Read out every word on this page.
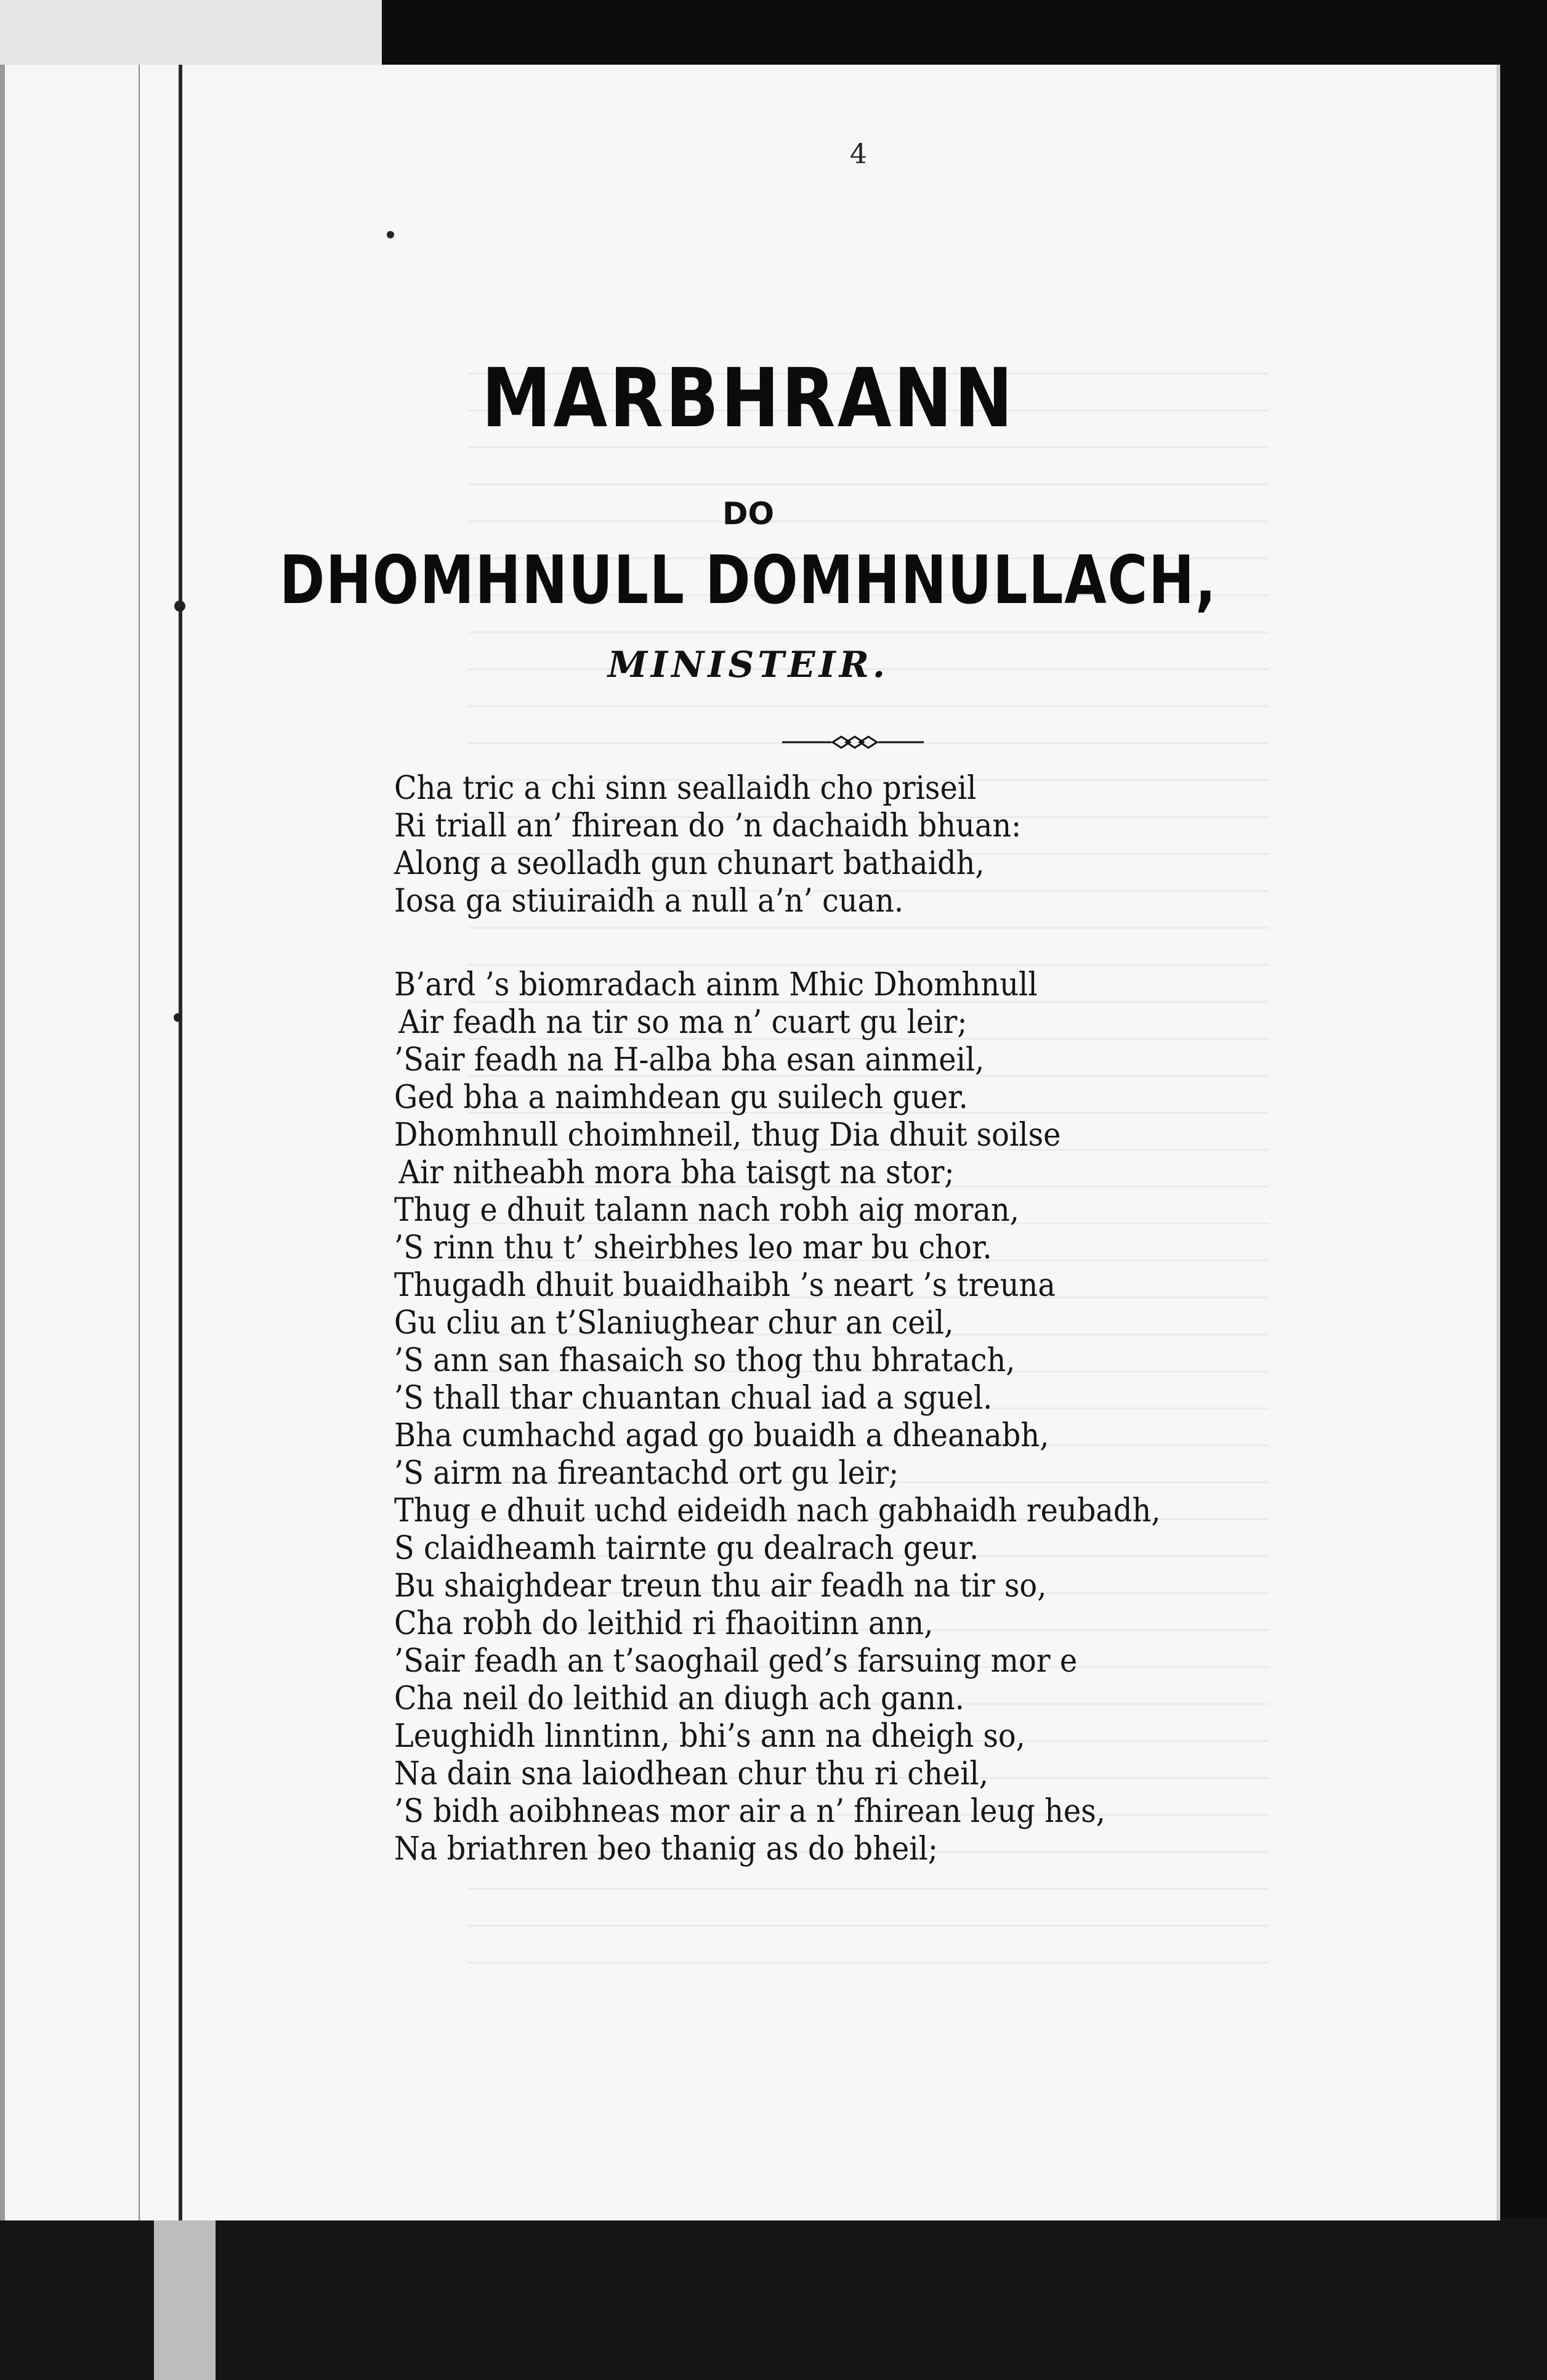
4
MARBHRANN
DO
DHOMHNULL DOMHNULLACH,
MINISTEIR.
Cha tric a chi sinn seallaidh cho priseil
Ri triall an’ fhirean do ’n dachaidh bhuan:
Along a seolladh gun chunart bathaidh,
Iosa ga stiuiraidh a null a’n’ cuan.
B’ard ’s biomradach ainm Mhic Dhomhnull
Air feadh na tir so ma n’ cuart gu leir;
’Sair feadh na H-alba bha esan ainmeil,
Ged bha a naimhdean gu suilech guer.
Dhomhnull choimhneil, thug Dia dhuit soilse
Air nitheabh mora bha taisgt na stor;
Thug e dhuit talann nach robh aig moran,
’S rinn thu t’ sheirbhes leo mar bu chor.
Thugadh dhuit buaidhaibh ’s neart ’s treuna
Gu cliu an t’Slaniughear chur an ceil,
’S ann san fhasaich so thog thu bhratach,
’S thall thar chuantan chual iad a sguel.
Bha cumhachd agad go buaidh a dheanabh,
’S airm na fireantachd ort gu leir;
Thug e dhuit uchd eideidh nach gabhaidh reubadh,
S claidheamh tairnte gu dealrach geur.
Bu shaighdear treun thu air feadh na tir so,
Cha robh do leithid ri fhaoitinn ann,
’Sair feadh an t’saoghail ged’s farsuing mor e
Cha neil do leithid an diugh ach gann.
Leughidh linntinn, bhi’s ann na dheigh so,
Na dain sna laiodhean chur thu ri cheil,
’S bidh aoibhneas mor air a n’ fhirean leug hes,
Na briathren beo thanig as do bheil;
